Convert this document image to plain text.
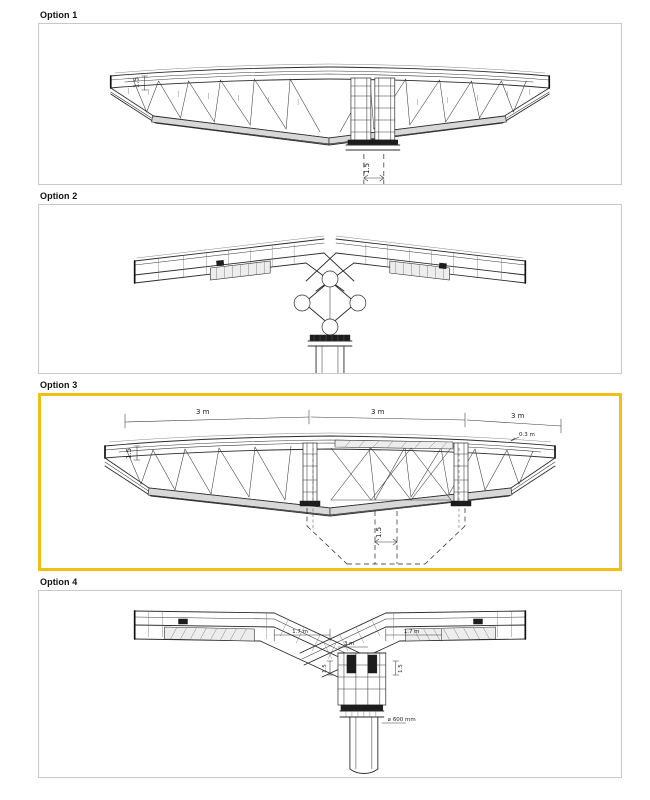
Option 1
1.5
1.5
Option 2
Option 3
3 m	3 m	3 m
0.3 m
1.5
1.5
Option 4
1.7 m	1.7 m
3 m
1.5	1.5
⌀ 600 mm
